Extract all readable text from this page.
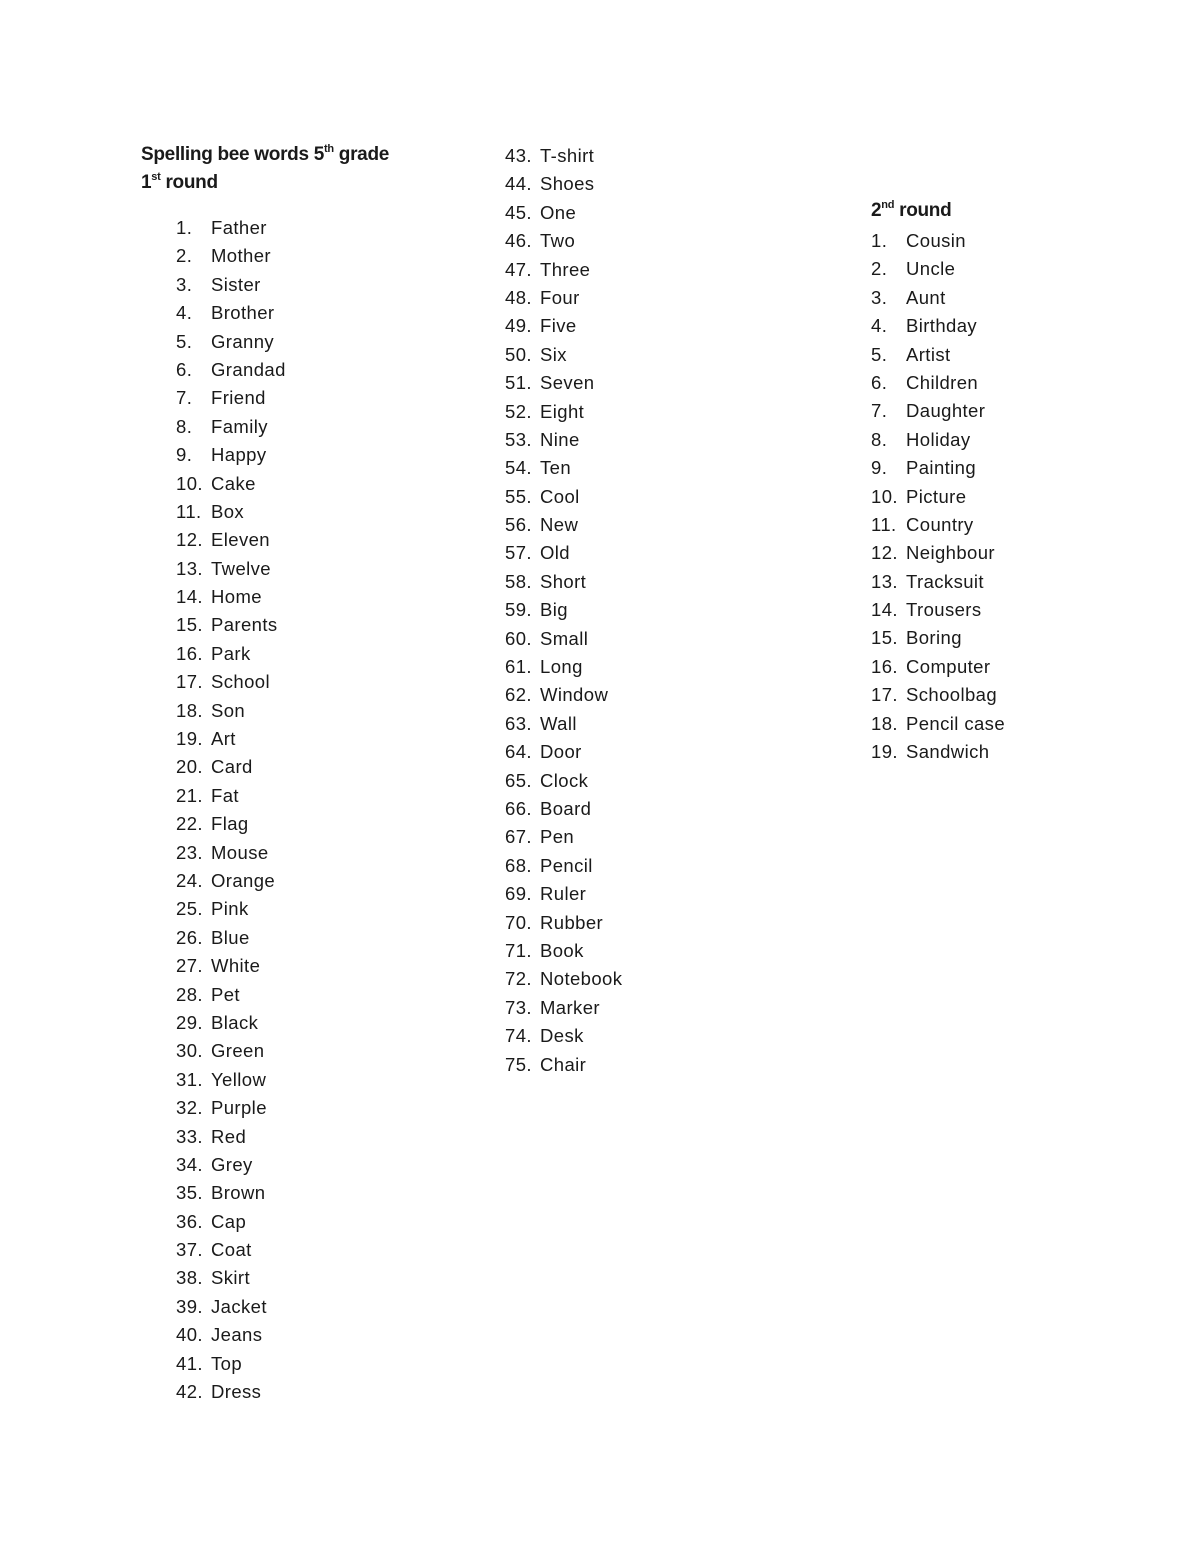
Spelling bee words 5th grade
1st round
2nd round
1. Father
2. Mother
3. Sister
4. Brother
5. Granny
6. Grandad
7. Friend
8. Family
9. Happy
10. Cake
11. Box
12. Eleven
13. Twelve
14. Home
15. Parents
16. Park
17. School
18. Son
19. Art
20. Card
21. Fat
22. Flag
23. Mouse
24. Orange
25. Pink
26. Blue
27. White
28. Pet
29. Black
30. Green
31. Yellow
32. Purple
33. Red
34. Grey
35. Brown
36. Cap
37. Coat
38. Skirt
39. Jacket
40. Jeans
41. Top
42. Dress
43. T-shirt
44. Shoes
45. One
46. Two
47. Three
48. Four
49. Five
50. Six
51. Seven
52. Eight
53. Nine
54. Ten
55. Cool
56. New
57. Old
58. Short
59. Big
60. Small
61. Long
62. Window
63. Wall
64. Door
65. Clock
66. Board
67. Pen
68. Pencil
69. Ruler
70. Rubber
71. Book
72. Notebook
73. Marker
74. Desk
75. Chair
1. Cousin
2. Uncle
3. Aunt
4. Birthday
5. Artist
6. Children
7. Daughter
8. Holiday
9. Painting
10. Picture
11. Country
12. Neighbour
13. Tracksuit
14. Trousers
15. Boring
16. Computer
17. Schoolbag
18. Pencil case
19. Sandwich
